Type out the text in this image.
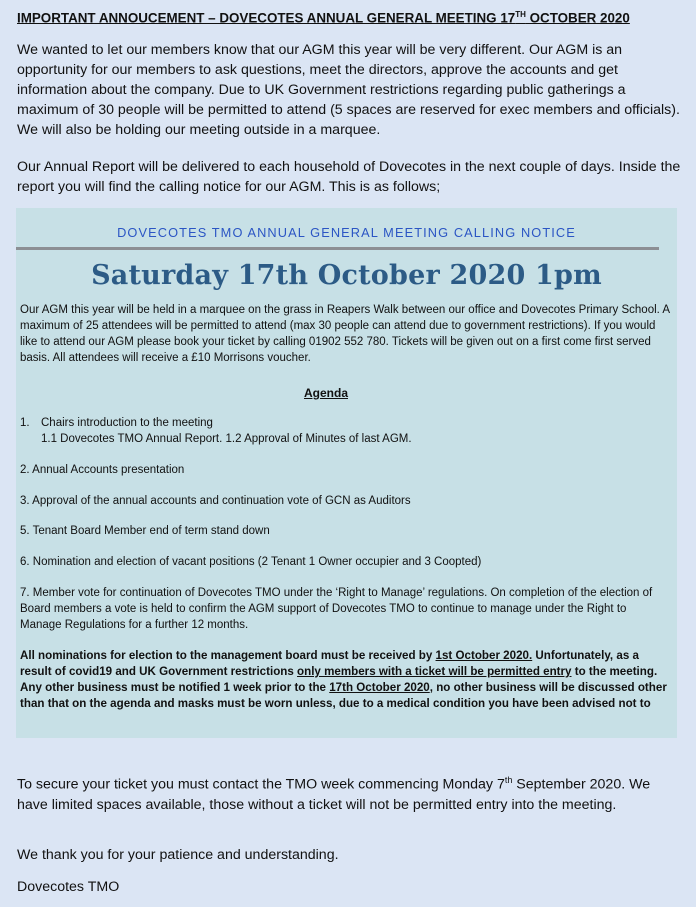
IMPORTANT ANNOUCEMENT – DOVECOTES ANNUAL GENERAL MEETING 17TH OCTOBER 2020

We wanted to let our members know that our AGM this year will be very different. Our AGM is an opportunity for our members to ask questions, meet the directors, approve the accounts and get information about the company. Due to UK Government restrictions regarding public gatherings a maximum of 30 people will be permitted to attend (5 spaces are reserved for exec members and officials). We will also be holding our meeting outside in a marquee.

Our Annual Report will be delivered to each household of Dovecotes in the next couple of days. Inside the report you will find the calling notice for our AGM. This is as follows;

DOVECOTES TMO ANNUAL GENERAL MEETING CALLING NOTICE
Saturday 17th October 2020 1pm

Our AGM this year will be held in a marquee on the grass in Reapers Walk between our office and Dovecotes Primary School. A maximum of 25 attendees will be permitted to attend (max 30 people can attend due to government restrictions). If you would like to attend our AGM please book your ticket by calling 01902 552 780. Tickets will be given out on a first come first served basis. All attendees will receive a £10 Morrisons voucher.

Agenda

1. Chairs introduction to the meeting
1.1 Dovecotes TMO Annual Report. 1.2 Approval of Minutes of last AGM.

2. Annual Accounts presentation

3. Approval of the annual accounts and continuation vote of GCN as Auditors

5. Tenant Board Member end of term stand down

6. Nomination and election of vacant positions (2 Tenant 1 Owner occupier and 3 Coopted)

7. Member vote for continuation of Dovecotes TMO under the ‘Right to Manage’ regulations. On completion of the election of Board members a vote is held to confirm the AGM support of Dovecotes TMO to continue to manage under the Right to Manage Regulations for a further 12 months.

All nominations for election to the management board must be received by 1st October 2020. Unfortunately, as a result of covid19 and UK Government restrictions only members with a ticket will be permitted entry to the meeting. Any other business must be notified 1 week prior to the 17th October 2020, no other business will be discussed other than that on the agenda and masks must be worn unless, due to a medical condition you have been advised not to

To secure your ticket you must contact the TMO week commencing Monday 7th September 2020. We have limited spaces available, those without a ticket will not be permitted entry into the meeting.

We thank you for your patience and understanding.

Dovecotes TMO
